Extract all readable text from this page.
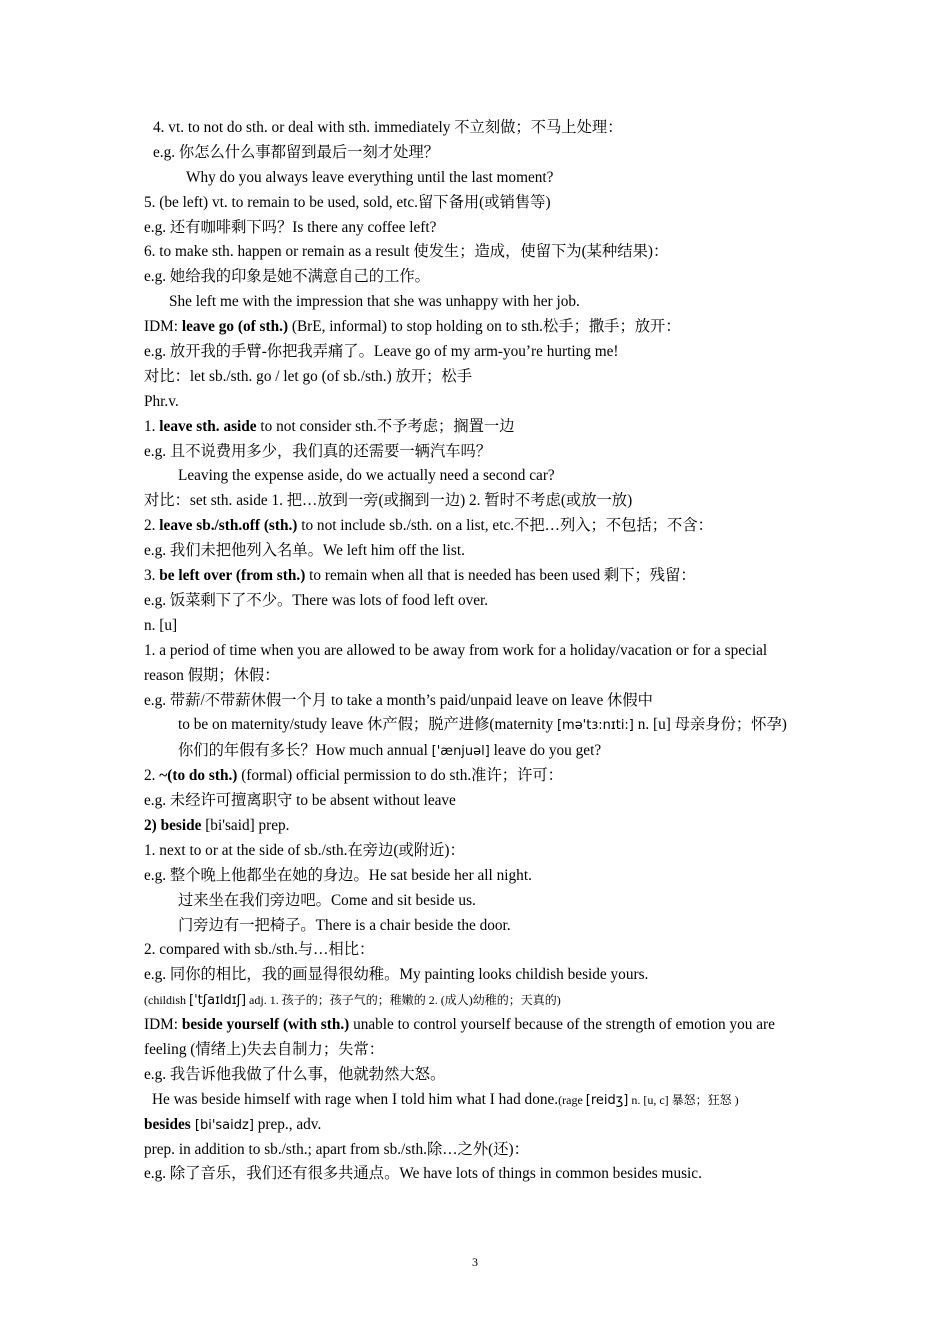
4. vt. to not do sth. or deal with sth. immediately 不立刻做；不马上处理：
e.g. 你怎么什么事都留到最后一刻才处理？
Why do you always leave everything until the last moment?
5. (be left) vt. to remain to be used, sold, etc.留下备用(或销售等)
e.g. 还有咖啡剩下吗？Is there any coffee left?
6. to make sth. happen or remain as a result 使发生；造成，使留下为(某种结果)：
e.g. 她给我的印象是她不满意自己的工作。
She left me with the impression that she was unhappy with her job.
IDM: leave go (of sth.) (BrE, informal) to stop holding on to sth.松手；撒手；放开：
e.g. 放开我的手臂-你把我弄痛了。Leave go of my arm-you’re hurting me!
对比：let sb./sth. go / let go (of sb./sth.) 放开；松手
Phr.v.
1. leave sth. aside to not consider sth.不予考虑；搁置一边
e.g. 且不说费用多少，我们真的还需要一辆汽车吗？
Leaving the expense aside, do we actually need a second car?
对比：set sth. aside 1. 把…放到一旁(或搁到一边) 2. 暂时不考虑(或放一放)
2. leave sb./sth.off (sth.) to not include sb./sth. on a list, etc.不把…列入；不包括；不含：
e.g. 我们未把他列入名单。We left him off the list.
3. be left over (from sth.) to remain when all that is needed has been used 剩下；残留：
e.g. 饭菜剩下了不少。There was lots of food left over.
n. [u]
1. a period of time when you are allowed to be away from work for a holiday/vacation or for a special reason 假期；休假：
e.g. 带薪/不带薪休假一个月 to take a month’s paid/unpaid leave on leave 休假中
to be on maternity/study leave 休产假；脱产进修(maternity [mə'tɜ:nɪti:] n. [u] 母亲身份；怀孕)
你们的年假有多长？How much annual ['ænjuəl] leave do you get?
2. ~(to do sth.) (formal) official permission to do sth.准许；许可：
e.g. 未经许可擅离职守 to be absent without leave
2) beside [bi'said] prep.
1. next to or at the side of sb./sth.在旁边(或附近)：
e.g. 整个晚上他都坐在她的身边。He sat beside her all night.
过来坐在我们旁边吧。Come and sit beside us.
门旁边有一把椅子。There is a chair beside the door.
2. compared with sb./sth.与…相比：
e.g. 同你的相比，我的画显得很幼稚。My painting looks childish beside yours.
(childish ['tʃaɪldɪʃ] adj. 1. 孩子的；孩子气的；稚嫩的 2. (成人)幼稚的；天真的)
IDM: beside yourself (with sth.) unable to control yourself because of the strength of emotion you are feeling (情绪上)失去自制力；失常：
e.g. 我告诉他我做了什么事，他就勃然大怒。
He was beside himself with rage when I told him what I had done.(rage [reidʒ] n. [u, c] 暴怒；狂怒 )
besides [bi'saidz] prep., adv.
prep. in addition to sb./sth.; apart from sb./sth.除…之外(还)：
e.g. 除了音乐，我们还有很多共通点。We have lots of things in common besides music.
3
